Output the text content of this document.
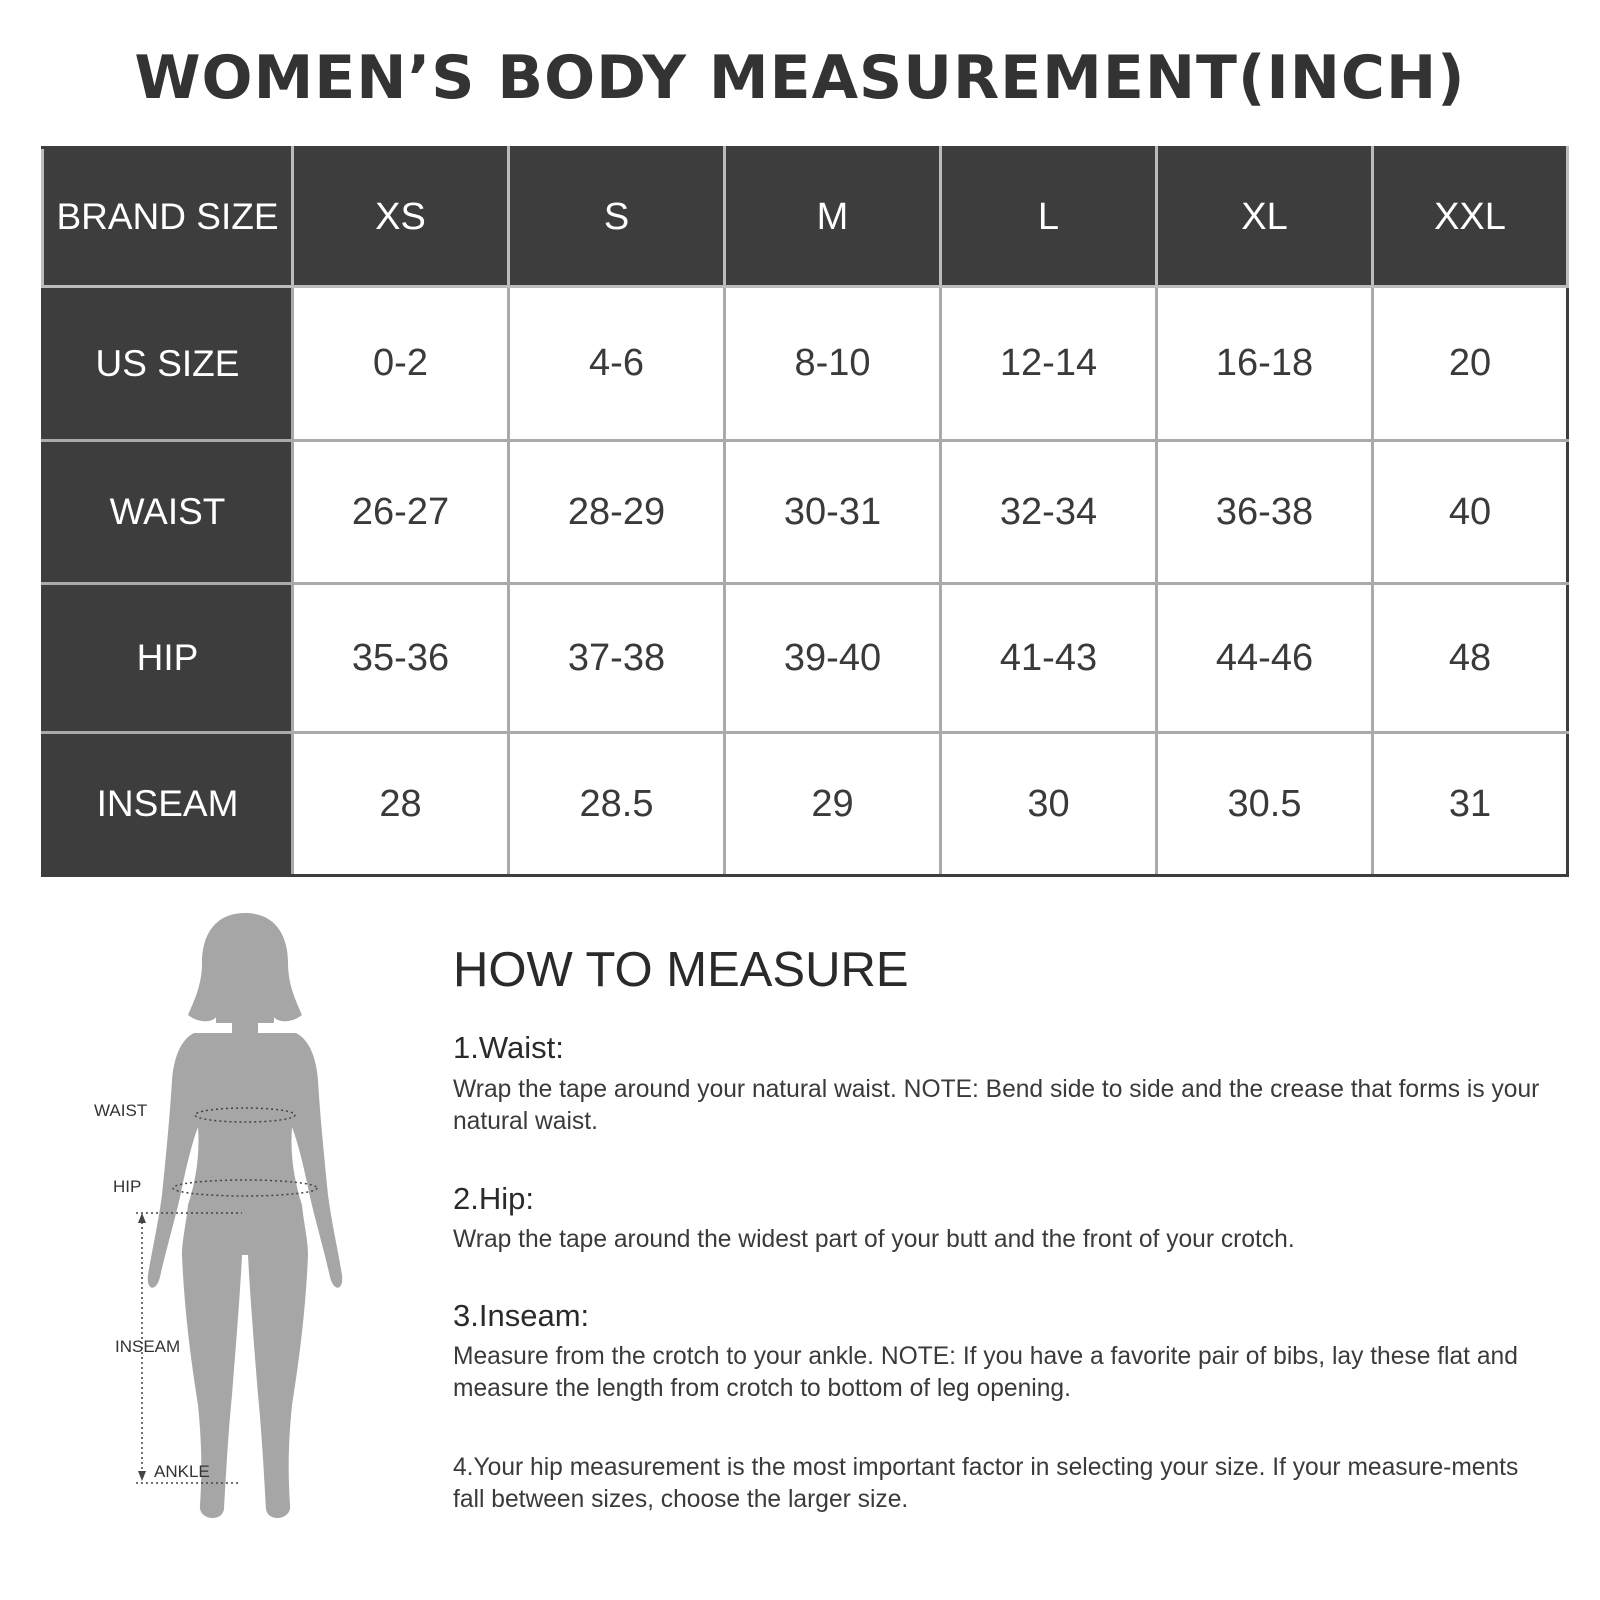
WOMEN’S BODY MEASUREMENT(INCH)
BRAND SIZE	XS	S	M	L	XL	XXL
US SIZE	0-2	4-6	8-10	12-14	16-18	20
WAIST	26-27	28-29	30-31	32-34	36-38	40
HIP	35-36	37-38	39-40	41-43	44-46	48
INSEAM	28	28.5	29	30	30.5	31
WAIST
HIP
INSEAM
ANKLE
HOW TO MEASURE
1.Waist:
Wrap the tape around your natural waist. NOTE: Bend side to side and the crease that forms is your natural waist.
2.Hip:
Wrap the tape around the widest part of your butt and the front of your crotch.
3.Inseam:
Measure from the crotch to your ankle. NOTE: If you have a favorite pair of bibs, lay these flat and measure the length from crotch to bottom of leg opening.
4.Your hip measurement is the most important factor in selecting your size. If your measure-ments fall between sizes, choose the larger size.
